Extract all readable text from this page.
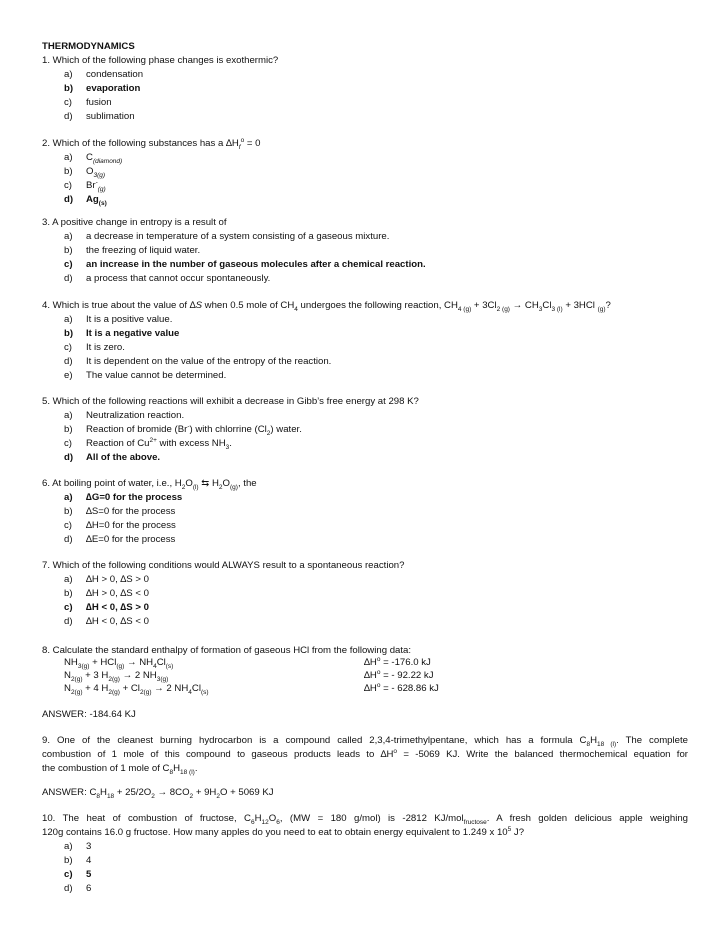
THERMODYNAMICS
1. Which of the following phase changes is exothermic?
a) condensation
b) evaporation
c) fusion
d) sublimation
2. Which of the following substances has a $\Delta H_f^o = 0$
a) $C_{(diamond)}$
b) $O_{3(g)}$
c) $Br^-_{(g)}$
d) $Ag_{(s)}$
3. A positive change in entropy is a result of
a) a decrease in temperature of a system consisting of a gaseous mixture.
b) the freezing of liquid water.
c) an increase in the number of gaseous molecules after a chemical reaction.
d) a process that cannot occur spontaneously.
4. Which is true about the value of ∆S when 0.5 mole of $CH_4$ undergoes the following reaction, $CH_{4 (g)} + 3Cl_{2 (g)} \to CH_3Cl_{3 (l)} + 3HCl$ $_{(g)}$?
a) It is a positive value.
b) It is a negative value
c) It is zero.
d) It is dependent on the value of the entropy of the reaction.
e) The value cannot be determined.
5. Which of the following reactions will exhibit a decrease in Gibb’s free energy at 298 K?
a) Neutralization reaction.
b) Reaction of bromide (Br-) with chlorrine $(Cl_2)$ water.
c) Reaction of $Cu^{2+}$ with excess $NH_3$.
d) All of the above.
6. At boiling point of water, i.e., $H_2O_{(l)}$ ⇆ $H_2O_{(g)}$, the
a) ∆G=0 for the process
b) ∆S=0 for the process
c) ∆H=0 for the process
d) ∆E=0 for the process
7. Which of the following conditions would ALWAYS result to a spontaneous reaction?
a) ∆H > 0, ∆S > 0
b) ∆H > 0, ∆S < 0
c) ∆H < 0, ∆S > 0
d) ∆H < 0, ∆S < 0
8. Calculate the standard enthalpy of formation of gaseous HCl from the following data:
$NH_{3(g)} + HCl_{(g)} \to NH_4Cl_{(s)}$	$\Delta H^o = -176.0$ kJ
$N_{2(g)} + 3$ $H_{2(g)} \to 2$ $NH_{3(g)}$	$\Delta H^o$ = - 92.22 kJ
$N_{2(g)} + 4$ $H_{2(g)} + Cl_{2(g)} \to 2$ $NH_4Cl_{(s)}$	$\Delta H^o$ = - 628.86 kJ
ANSWER: -184.64 KJ
9. One of the cleanest burning hydrocarbon is a compound called 2,3,4-trimethylpentane, which has a formula $C_8H_{18 (l)}$. The complete
combustion of 1 mole of this compound to gaseous products leads to $\Delta H^o = -5069$ KJ. Write the balanced thermochemical equation for
the combustion of 1 mole of $C_8H_{18 (l)}$.
ANSWER: $C_8H_{18} + 25/2O_2 \to 8CO_2 + 9H_2O + 5069$ KJ
10. The heat of combustion of fructose, $C_6H_{12}O_6$, (MW = 180 g/mol) is -2812 KJ/mol$_{fructose}$. A fresh golden delicious apple weighing
120g contains 16.0 g fructose. How many apples do you need to eat to obtain energy equivalent to 1.249 x $10^5$ J?
a) 3
b) 4
c) 5
d) 6
